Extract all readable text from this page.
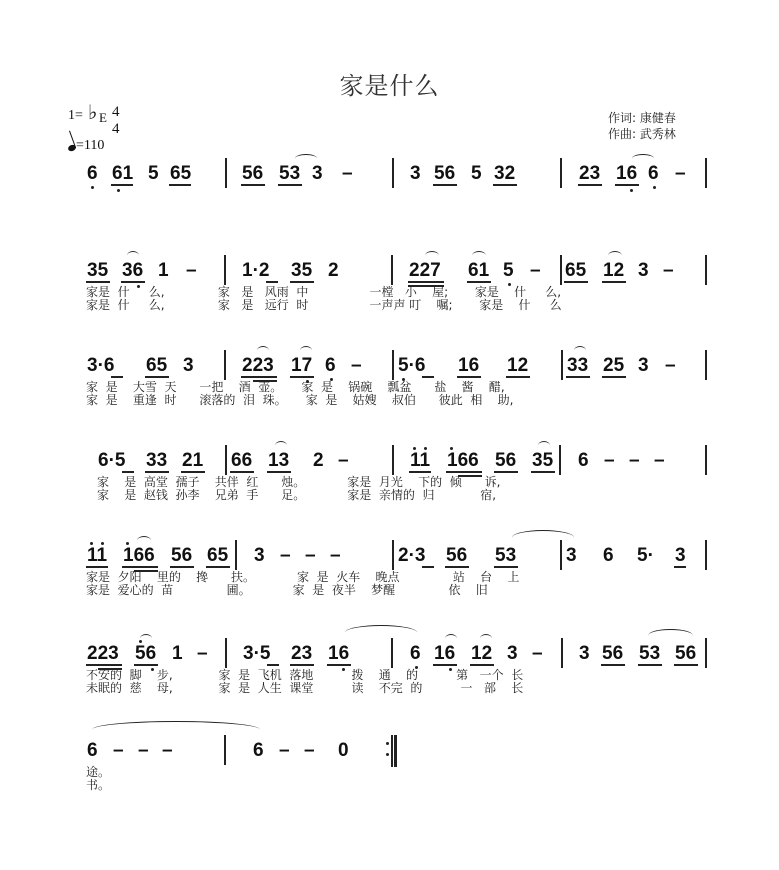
家是什么
1= ♭ E 4
4
=110
作词: 康健春
作曲: 武秀林
6 61 5 65	56 53 3 –	3 56 5 32	23 16 6 –
35 36 1 – 1·2 35 2	227 61 5 – 65 12 3 –
家是  什     么,              家   是   风雨  中                一樘   小    屋;       家是    什     么,
家是  什     么,              家   是   远行  时                一声声 叮    嘱;       家是    什     么
3·6 65 3	223 17 6 – 5·6 16 12 33 25 3 –
家  是    大雪  天      一把    酒  壶。     家  是    锅碗    瓢盆      盐    酱    醋,
家  是    重逢  时      滚落的  泪  珠。     家  是    姑嫂    叔伯      彼此  相    助,
6·5 33 21 66 13 2 –	11 166 56 35 6 – – –
家    是  高堂  孺子    共伴  红      烛。           家是  月光    下的  倾      诉,
家    是  赵钱  孙李    兄弟  手      足。           家是  亲情的  归            宿,
11 166 56 65 3 – – –	2·3 56 53	3 6 5· 3
家是  夕阳    里的    搀      扶。           家  是  火车    晚点              站    台    上
家是  爱心的  苗              圃。           家  是  夜半    梦醒              依    旧
223 56 1 – 3·5 23 16	6 16 12 3 – 3 56 53 56
不安的  脚    步,            家  是  飞机  落地          拨    通    的          第   一个  长
未眠的  慈    母,            家  是  人生  课堂          读    不完  的          一   部    长
6 – – –	6 – – 0
途。
书。
